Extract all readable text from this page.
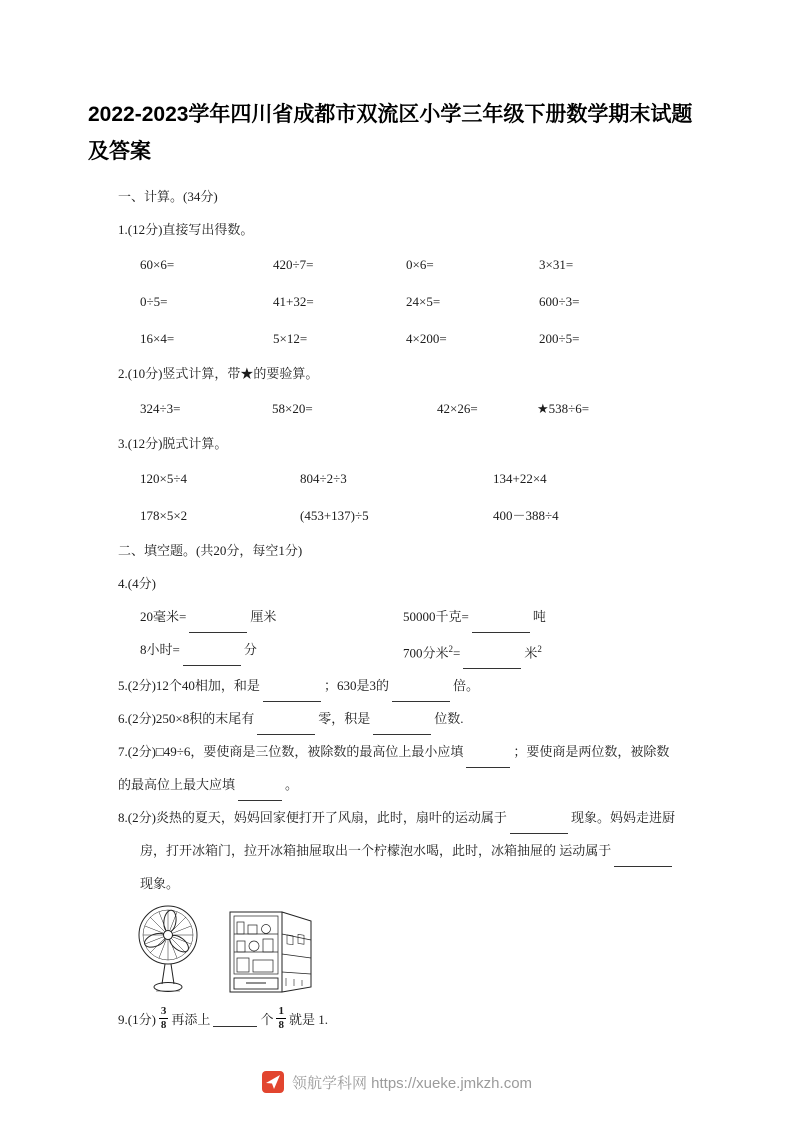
2022-2023学年四川省成都市双流区小学三年级下册数学期末试题及答案

一、计算。(34分)

1.(12分)直接写出得数。

60×6=	420÷7=	0×6=	3×31=
0÷5=	41+32=	24×5=	600÷3=
16×4=	5×12=	4×200=	200÷5=

2.(10分)竖式计算，带★的要验算。

324÷3=	58×20=	42×26=	★538÷6=

3.(12分)脱式计算。

120×5÷4	804÷2÷3	134+22×4
178×5×2	(453+137)÷5	400－388÷4

二、填空题。(共20分，每空1分)

4.(4分)

20毫米=	厘米	50000千克=	吨
8小时=	分	700分米$^2$=	米$^2$

5.(2分)12个40相加，和是	；630是3的	倍。

6.(2分)250×8积的末尾有	零，积是	位数.

7.(2分)□49÷6，要使商是三位数，被除数的最高位上最小应填	；要使商是两位数，被除数的最高位上最大应填	。

8.(2分)炎热的夏天，妈妈回家便打开了风扇，此时，扇叶的运动属于	现象。妈妈走进厨房，打开冰箱门，拉开冰箱抽屉取出一个柠檬泡水喝，此时，冰箱抽屉的 运动属于现象。

9.(1分) $\frac{3}{8}$ 再添上	个 $\frac{1}{8}$ 就是 1.
领航学科网 https://xueke.jmkzh.com
